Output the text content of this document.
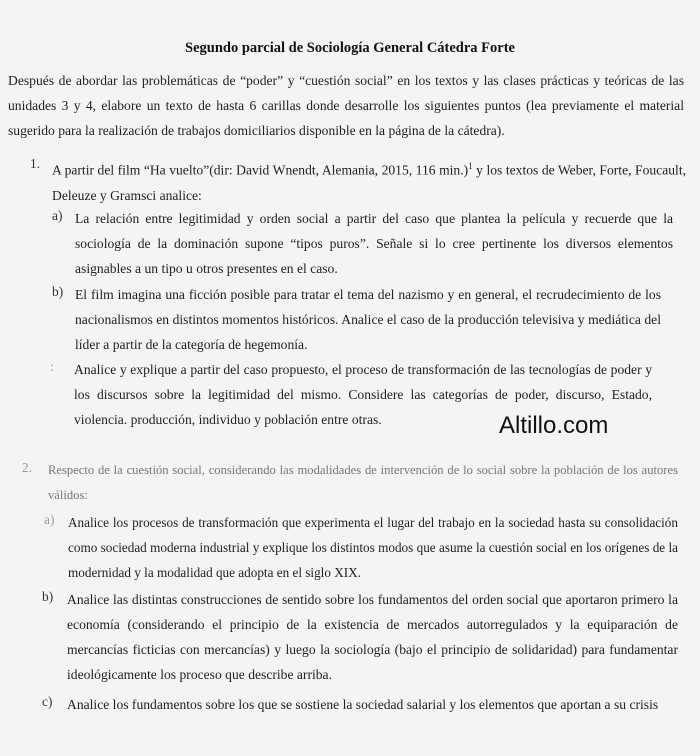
Segundo parcial de Sociología General Cátedra Forte
Después de abordar las problemáticas de “poder” y “cuestión social” en los textos y las clases prácticas y teóricas de las unidades 3 y 4, elabore un texto de hasta 6 carillas donde desarrolle los siguientes puntos (lea previamente el material sugerido para la realización de trabajos domiciliarios disponible en la página de la cátedra).
1. A partir del film “Ha vuelto”(dir: David Wnendt, Alemania, 2015, 116 min.)$^1$ y los textos de Weber, Forte, Foucault, Deleuze y Gramsci analice:
a) La relación entre legitimidad y orden social a partir del caso que plantea la película y recuerde que la sociología de la dominación supone “tipos puros”. Señale si lo cree pertinente los diversos elementos asignables a un tipo u otros presentes en el caso.
b) El film imagina una ficción posible para tratar el tema del nazismo y en general, el recrudecimiento de los nacionalismos en distintos momentos históricos. Analice el caso de la producción televisiva y mediática del líder a partir de la categoría de hegemonía.
: Analice y explique a partir del caso propuesto, el proceso de transformación de las tecnologías de poder y los discursos sobre la legitimidad del mismo. Considere las categorías de poder, discurso, Estado, violencia. producción, individuo y población entre otras.	Altillo.com
2. Respecto de la cuestión social, considerando las modalidades de intervención de lo social sobre la población de los autores válidos:
a) Analice los procesos de transformación que experimenta el lugar del trabajo en la sociedad hasta su consolidación como sociedad moderna industrial y explique los distintos modos que asume la cuestión social en los orígenes de la modernidad y la modalidad que adopta en el siglo XIX.
b) Analice las distintas construcciones de sentido sobre los fundamentos del orden social que aportaron primero la economía (considerando el principio de la existencia de mercados autorregulados y la equiparación de mercancías ficticias con mercancías) y luego la sociología (bajo el principio de solidaridad) para fundamentar ideológicamente los proceso que describe arriba.
c) Analice los fundamentos sobre los que se sostiene la sociedad salarial y los elementos que aportan a su crisis
